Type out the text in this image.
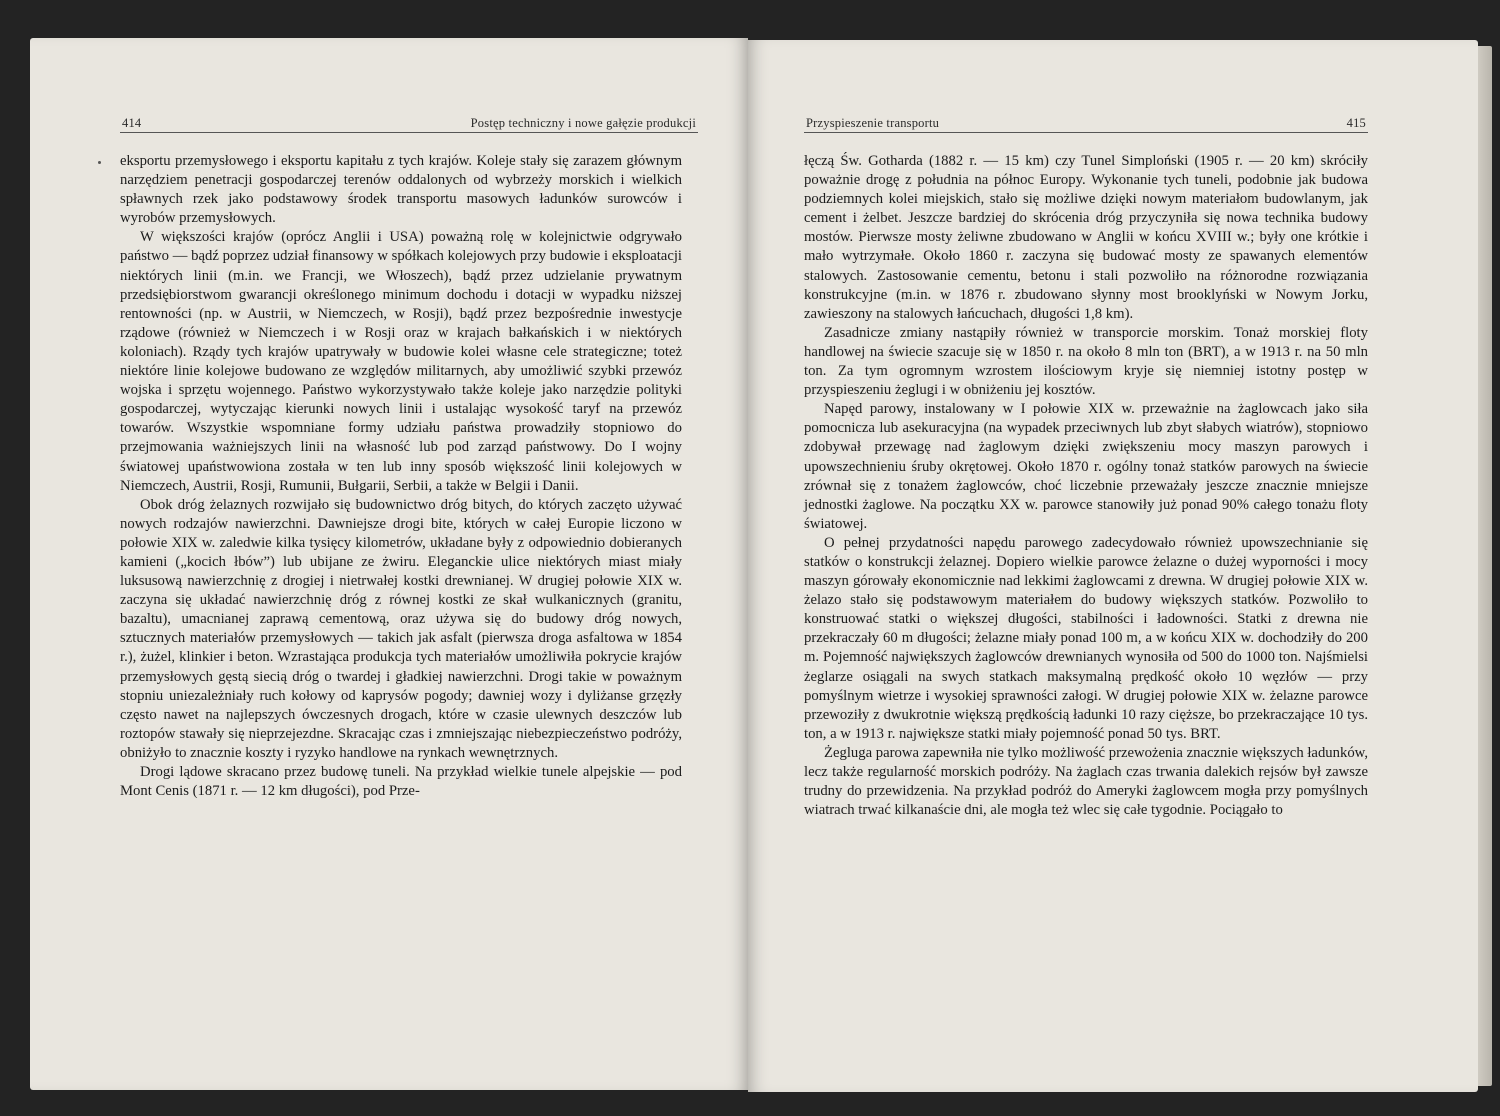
414	Postęp techniczny i nowe gałęzie produkcji	Przyspieszenie transportu	415

eksportu przemysłowego i eksportu kapitału z tych krajów. Koleje stały się zarazem głównym narzędziem penetracji gospodarczej terenów oddalonych od wybrzeży morskich i wielkich spławnych rzek jako podstawowy środek transportu masowych ładunków surowców i wyrobów przemysłowych.

W większości krajów (oprócz Anglii i USA) poważną rolę w kolejnictwie odgrywało państwo — bądź poprzez udział finansowy w spółkach kolejowych przy budowie i eksploatacji niektórych linii (m.in. we Francji, we Włoszech), bądź przez udzielanie prywatnym przedsiębiorstwom gwarancji określonego minimum dochodu i dotacji w wypadku niższej rentowności (np. w Austrii, w Niemczech, w Rosji), bądź przez bezpośrednie inwestycje rządowe (również w Niemczech i w Rosji oraz w krajach bałkańskich i w niektórych koloniach). Rządy tych krajów upatrywały w budowie kolei własne cele strategiczne; toteż niektóre linie kolejowe budowano ze względów militarnych, aby umożliwić szybki przewóz wojska i sprzętu wojennego. Państwo wykorzystywało także koleje jako narzędzie polityki gospodarczej, wytyczając kierunki nowych linii i ustalając wysokość taryf na przewóz towarów. Wszystkie wspomniane formy udziału państwa prowadziły stopniowo do przejmowania ważniejszych linii na własność lub pod zarząd państwowy. Do I wojny światowej upaństwowiona została w ten lub inny sposób większość linii kolejowych w Niemczech, Austrii, Rosji, Rumunii, Bułgarii, Serbii, a także w Belgii i Danii.

Obok dróg żelaznych rozwijało się budownictwo dróg bitych, do których zaczęto używać nowych rodzajów nawierzchni. Dawniejsze drogi bite, których w całej Europie liczono w połowie XIX w. zaledwie kilka tysięcy kilometrów, układane były z odpowiednio dobieranych kamieni („kocich łbów”) lub ubijane ze żwiru. Eleganckie ulice niektórych miast miały luksusową nawierzchnię z drogiej i nietrwałej kostki drewnianej. W drugiej połowie XIX w. zaczyna się układać nawierzchnię dróg z równej kostki ze skał wulkanicznych (granitu, bazaltu), umacnianej zaprawą cementową, oraz używa się do budowy dróg nowych, sztucznych materiałów przemysłowych — takich jak asfalt (pierwsza droga asfaltowa w 1854 r.), żużel, klinkier i beton. Wzrastająca produkcja tych materiałów umożliwiła pokrycie krajów przemysłowych gęstą siecią dróg o twardej i gładkiej nawierzchni. Drogi takie w poważnym stopniu uniezależniały ruch kołowy od kaprysów pogody; dawniej wozy i dyliżanse grzęzły często nawet na najlepszych ówczesnych drogach, które w czasie ulewnych deszczów lub roztopów stawały się nieprzejezdne. Skracając czas i zmniejszając niebezpieczeństwo podróży, obniżyło to znacznie koszty i ryzyko handlowe na rynkach wewnętrznych.

Drogi lądowe skracano przez budowę tuneli. Na przykład wielkie tunele alpejskie — pod Mont Cenis (1871 r. — 12 km długości), pod Prze-

łęczą Św. Gotharda (1882 r. — 15 km) czy Tunel Simploński (1905 r. — 20 km) skróciły poważnie drogę z południa na północ Europy. Wykonanie tych tuneli, podobnie jak budowa podziemnych kolei miejskich, stało się możliwe dzięki nowym materiałom budowlanym, jak cement i żelbet. Jeszcze bardziej do skrócenia dróg przyczyniła się nowa technika budowy mostów. Pierwsze mosty żeliwne zbudowano w Anglii w końcu XVIII w.; były one krótkie i mało wytrzymałe. Około 1860 r. zaczyna się budować mosty ze spawanych elementów stalowych. Zastosowanie cementu, betonu i stali pozwoliło na różnorodne rozwiązania konstrukcyjne (m.in. w 1876 r. zbudowano słynny most brooklyński w Nowym Jorku, zawieszony na stalowych łańcuchach, długości 1,8 km).

Zasadnicze zmiany nastąpiły również w transporcie morskim. Tonaż morskiej floty handlowej na świecie szacuje się w 1850 r. na około 8 mln ton (BRT), a w 1913 r. na 50 mln ton. Za tym ogromnym wzrostem ilościowym kryje się niemniej istotny postęp w przyspieszeniu żeglugi i w obniżeniu jej kosztów.

Napęd parowy, instalowany w I połowie XIX w. przeważnie na żaglowcach jako siła pomocnicza lub asekuracyjna (na wypadek przeciwnych lub zbyt słabych wiatrów), stopniowo zdobywał przewagę nad żaglowym dzięki zwiększeniu mocy maszyn parowych i upowszechnieniu śruby okrętowej. Około 1870 r. ogólny tonaż statków parowych na świecie zrównał się z tonażem żaglowców, choć liczebnie przeważały jeszcze znacznie mniejsze jednostki żaglowe. Na początku XX w. parowce stanowiły już ponad 90% całego tonażu floty światowej.

O pełnej przydatności napędu parowego zadecydowało również upowszechnianie się statków o konstrukcji żelaznej. Dopiero wielkie parowce żelazne o dużej wyporności i mocy maszyn górowały ekonomicznie nad lekkimi żaglowcami z drewna. W drugiej połowie XIX w. żelazo stało się podstawowym materiałem do budowy większych statków. Pozwoliło to konstruować statki o większej długości, stabilności i ładowności. Statki z drewna nie przekraczały 60 m długości; żelazne miały ponad 100 m, a w końcu XIX w. dochodziły do 200 m. Pojemność największych żaglowców drewnianych wynosiła od 500 do 1000 ton. Najśmielsi żeglarze osiągali na swych statkach maksymalną prędkość około 10 węzłów — przy pomyślnym wietrze i wysokiej sprawności załogi. W drugiej połowie XIX w. żelazne parowce przewoziły z dwukrotnie większą prędkością ładunki 10 razy cięższe, bo przekraczające 10 tys. ton, a w 1913 r. największe statki miały pojemność ponad 50 tys. BRT.

Żegluga parowa zapewniła nie tylko możliwość przewożenia znacznie większych ładunków, lecz także regularność morskich podróży. Na żaglach czas trwania dalekich rejsów był zawsze trudny do przewidzenia. Na przykład podróż do Ameryki żaglowcem mogła przy pomyślnych wiatrach trwać kilkanaście dni, ale mogła też wlec się całe tygodnie. Pociągało to
